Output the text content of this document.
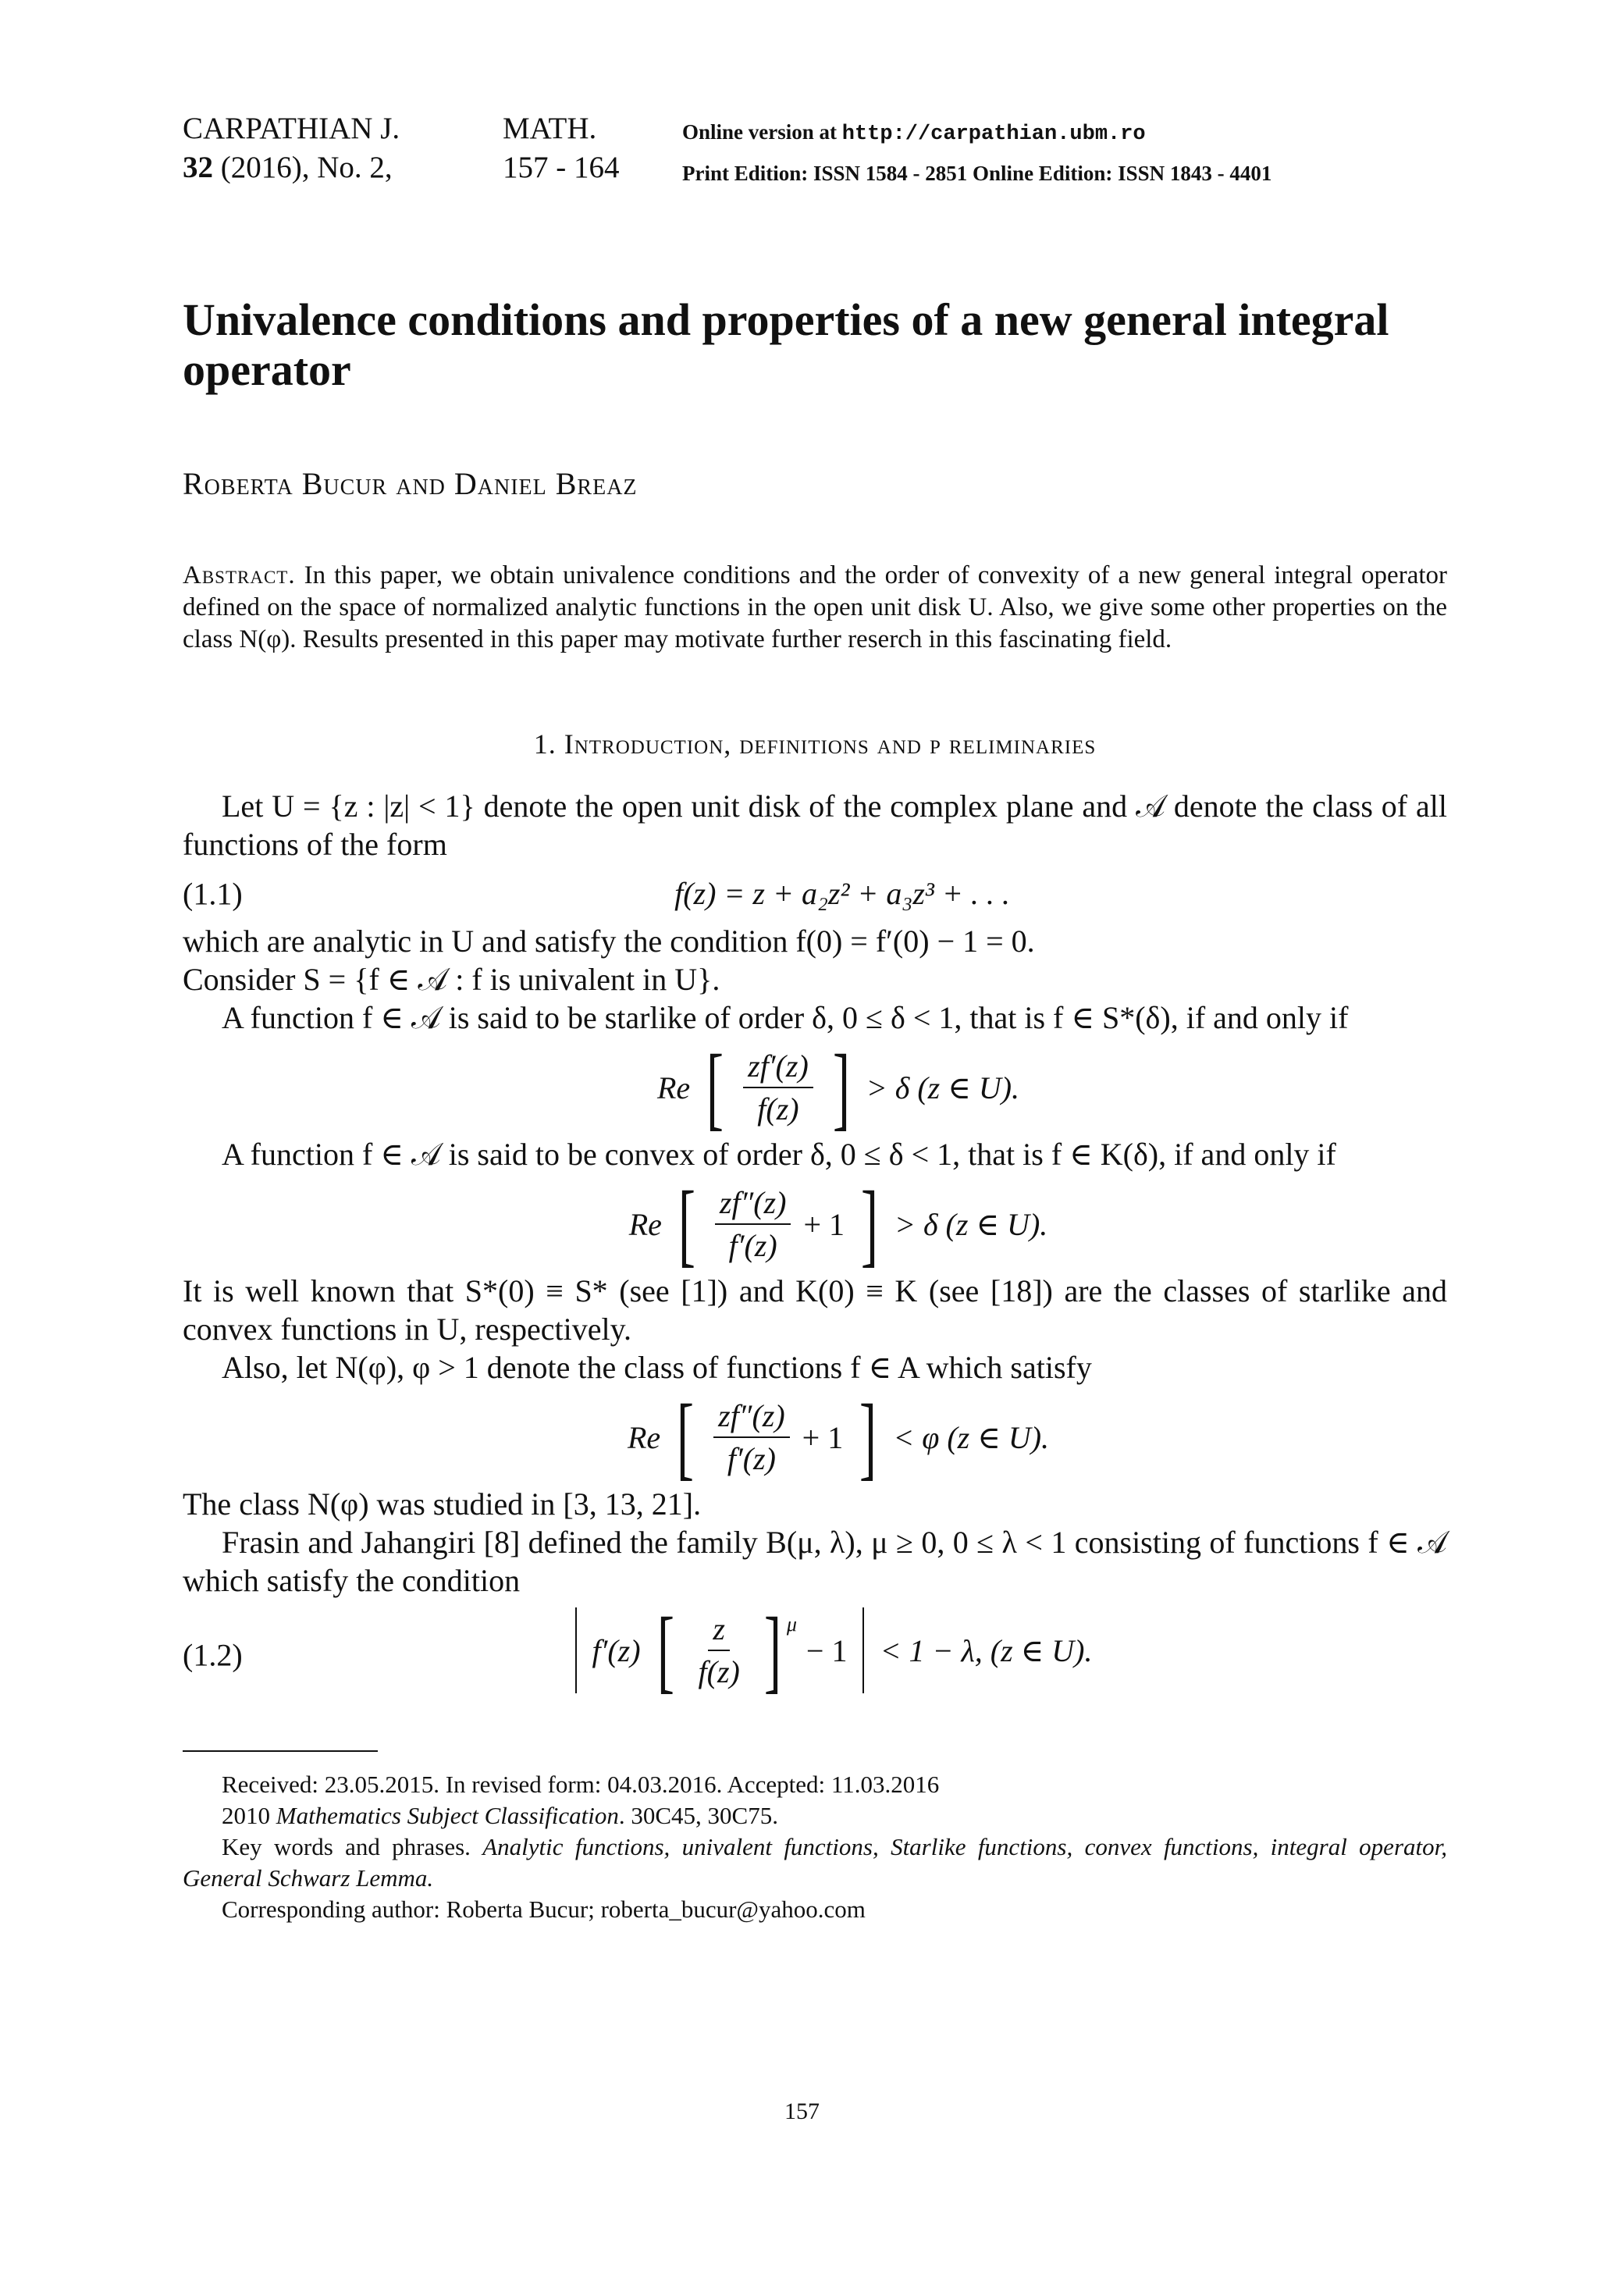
CARPATHIAN J.
32 (2016), No. 2,
MATH.
157 - 164
Online version at http://carpathian.ubm.ro
Print Edition: ISSN 1584 - 2851 Online Edition: ISSN 1843 - 4401
Univalence conditions and properties of a new general integral operator
Roberta Bucur and Daniel Breaz
Abstract. In this paper, we obtain univalence conditions and the order of convexity of a new general integral operator defined on the space of normalized analytic functions in the open unit disk U. Also, we give some other properties on the class N(φ). Results presented in this paper may motivate further reserch in this fascinating field.
1. Introduction, definitions and p reliminaries

Let U = {z : |z| < 1} denote the open unit disk of the complex plane and 𝒜 denote the class of all functions of the form

(1.1)	f(z) = z + a₂z² + a₃z³ + . . .

which are analytic in U and satisfy the condition f(0) = f′(0) − 1 = 0.

Consider S = {f ∈ 𝒜 : f is univalent in U}.

A function f ∈ 𝒜 is said to be starlike of order δ, 0 ≤ δ < 1, that is f ∈ S*(δ), if and only if

Re [ $\frac{zf'(z)}{f(z)}$ ] > δ (z ∈ U).

A function f ∈ 𝒜 is said to be convex of order δ, 0 ≤ δ < 1, that is f ∈ K(δ), if and only if

Re [ $\frac{zf''(z)}{f'(z)} + 1$ ] > δ (z ∈ U).

It is well known that S*(0) ≡ S* (see [1]) and K(0) ≡ K (see [18]) are the classes of starlike and convex functions in U, respectively.

Also, let N(φ), φ > 1 denote the class of functions f ∈ A which satisfy

Re [ $\frac{zf''(z)}{f'(z)} + 1$ ] < φ (z ∈ U).

The class N(φ) was studied in [3, 13, 21].

Frasin and Jahangiri [8] defined the family B(μ, λ), μ ≥ 0, 0 ≤ λ < 1 consisting of functions f ∈ 𝒜 which satisfy the condition

(1.2)	f′(z) [ $\frac{z}{f(z)}$ ] $^\mu$
− 1 < 1 − λ, (z ∈ U).

Received: 23.05.2015. In revised form: 04.03.2016. Accepted: 11.03.2016

2010 Mathematics Subject Classification. 30C45, 30C75.

Key words and phrases. Analytic functions, univalent functions, Starlike functions, convex functions, integral operator, General Schwarz Lemma.

Corresponding author: Roberta Bucur; roberta_bucur@yahoo.com

157
